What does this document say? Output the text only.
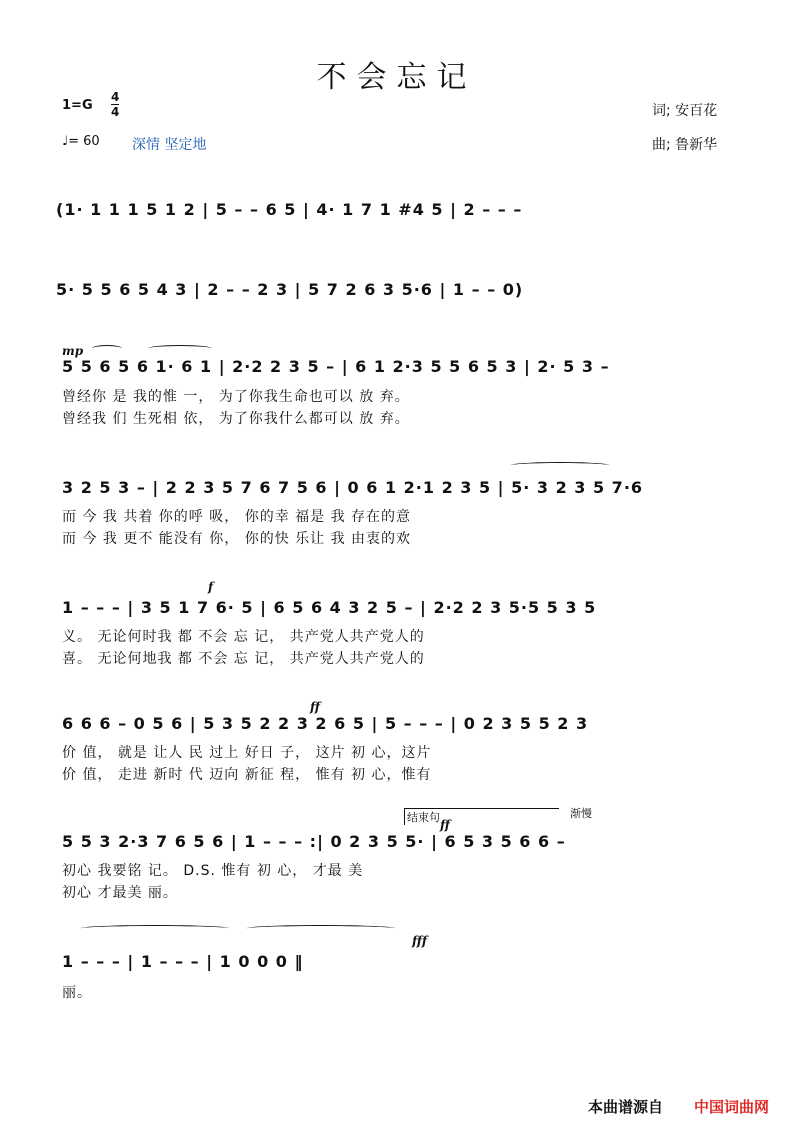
不会忘记
1=G
4
4
♩= 60 深情 坚定地
词; 安百花
曲; 鲁新华
(1· 1 1 1 5 1 2 | 5 – – 6 5 | 4· 1 7 1 #4 5 | 2 – – –
5· 5 5 6 5 4 3 | 2 – – 2 3 | 5 7 2 6 3 5·6 | 1 – – 0)
mp
5 5 6 5 6 1· 6 1 | 2·2 2 3 5 – | 6 1 2·3 5 5 6 5 3 | 2· 5 3 –
曾经你 是 我的惟 一， 为了你我生命也可以 放 弃。
曾经我 们 生死相 依， 为了你我什么都可以 放 弃。
3 2 5 3 – | 2 2 3 5 7 6 7 5 6 | 0 6 1 2·1 2 3 5 | 5· 3 2 3 5 7·6
而 今 我 共着 你的呼 吸， 你的幸 福是 我 存在的意
而 今 我 更不 能没有 你， 你的快 乐让 我 由衷的欢
f
1 – – – | 3 5 1 7 6· 5 | 6 5 6 4 3 2 5 – | 2·2 2 3 5·5 5 3 5
义。 无论何时我 都 不会 忘 记， 共产党人共产党人的
喜。 无论何地我 都 不会 忘 记， 共产党人共产党人的
ff
6 6 6 – 0 5 6 | 5 3 5 2 2 3 2 6 5 | 5 – – – | 0 2 3 5 5 2 3
价 值， 就是 让人 民 过上 好日 子， 这片 初 心，这片
价 值， 走进 新时 代 迈向 新征 程， 惟有 初 心，惟有
结束句	渐慢
ff
5 5 3 2·3 7 6 5 6 | 1 – – – :| 0 2 3 5 5· | 6 5 3 5 6 6 –
初心 我要铭 记。 D.S. 惟有 初 心， 才最 美
初心 才最美 丽。
fff
1 – – – | 1 – – – | 1 0 0 0 ‖
丽。
本曲谱源自 中国词曲网
